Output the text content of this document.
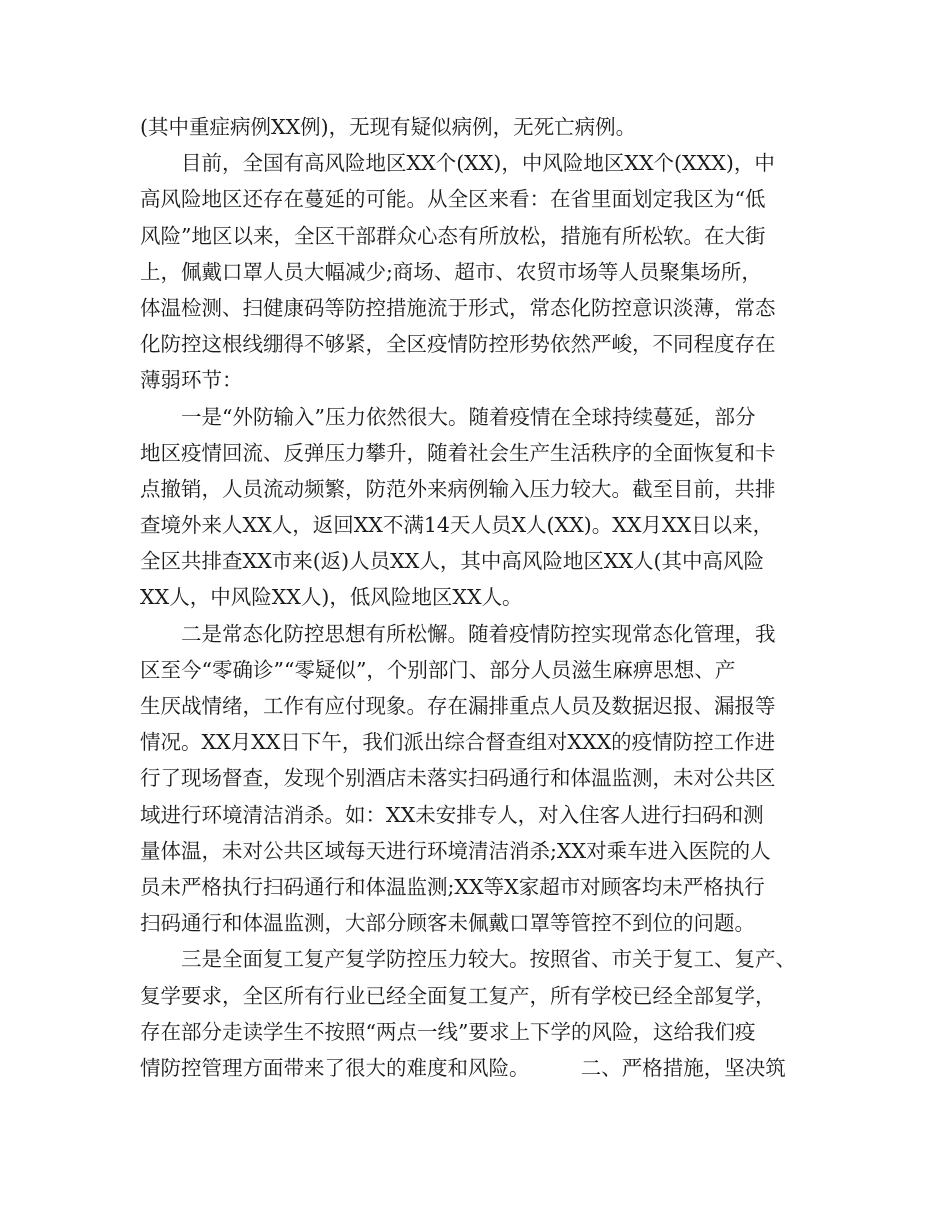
(其中重症病例XX例)，无现有疑似病例，无死亡病例。
目前，全国有高风险地区XX个(XX)，中风险地区XX个(XXX)，中
高风险地区还存在蔓延的可能。从全区来看：在省里面划定我区为“低
风险”地区以来，全区干部群众心态有所放松，措施有所松软。在大街
上，佩戴口罩人员大幅减少;商场、超市、农贸市场等人员聚集场所，
体温检测、扫健康码等防控措施流于形式，常态化防控意识淡薄，常态
化防控这根线绷得不够紧，全区疫情防控形势依然严峻，不同程度存在
薄弱环节：
一是“外防输入”压力依然很大。随着疫情在全球持续蔓延，部分
地区疫情回流、反弹压力攀升，随着社会生产生活秩序的全面恢复和卡
点撤销，人员流动频繁，防范外来病例输入压力较大。截至目前，共排
查境外来人XX人，返回XX不满14天人员X人(XX)。XX月XX日以来，
全区共排查XX市来(返)人员XX人，其中高风险地区XX人(其中高风险
XX人，中风险XX人)，低风险地区XX人。
二是常态化防控思想有所松懈。随着疫情防控实现常态化管理，我
区至今“零确诊”“零疑似”，个别部门、部分人员滋生麻痹思想、产
生厌战情绪，工作有应付现象。存在漏排重点人员及数据迟报、漏报等
情况。XX月XX日下午，我们派出综合督查组对XXX的疫情防控工作进
行了现场督查，发现个别酒店未落实扫码通行和体温监测，未对公共区
域进行环境清洁消杀。如：XX未安排专人，对入住客人进行扫码和测
量体温，未对公共区域每天进行环境清洁消杀;XX对乘车进入医院的人
员未严格执行扫码通行和体温监测;XX等X家超市对顾客均未严格执行
扫码通行和体温监测，大部分顾客未佩戴口罩等管控不到位的问题。
三是全面复工复产复学防控压力较大。按照省、市关于复工、复产、
复学要求，全区所有行业已经全面复工复产，所有学校已经全部复学，
存在部分走读学生不按照“两点一线”要求上下学的风险，这给我们疫
情防控管理方面带来了很大的难度和风险。　　　二、严格措施，坚决筑
